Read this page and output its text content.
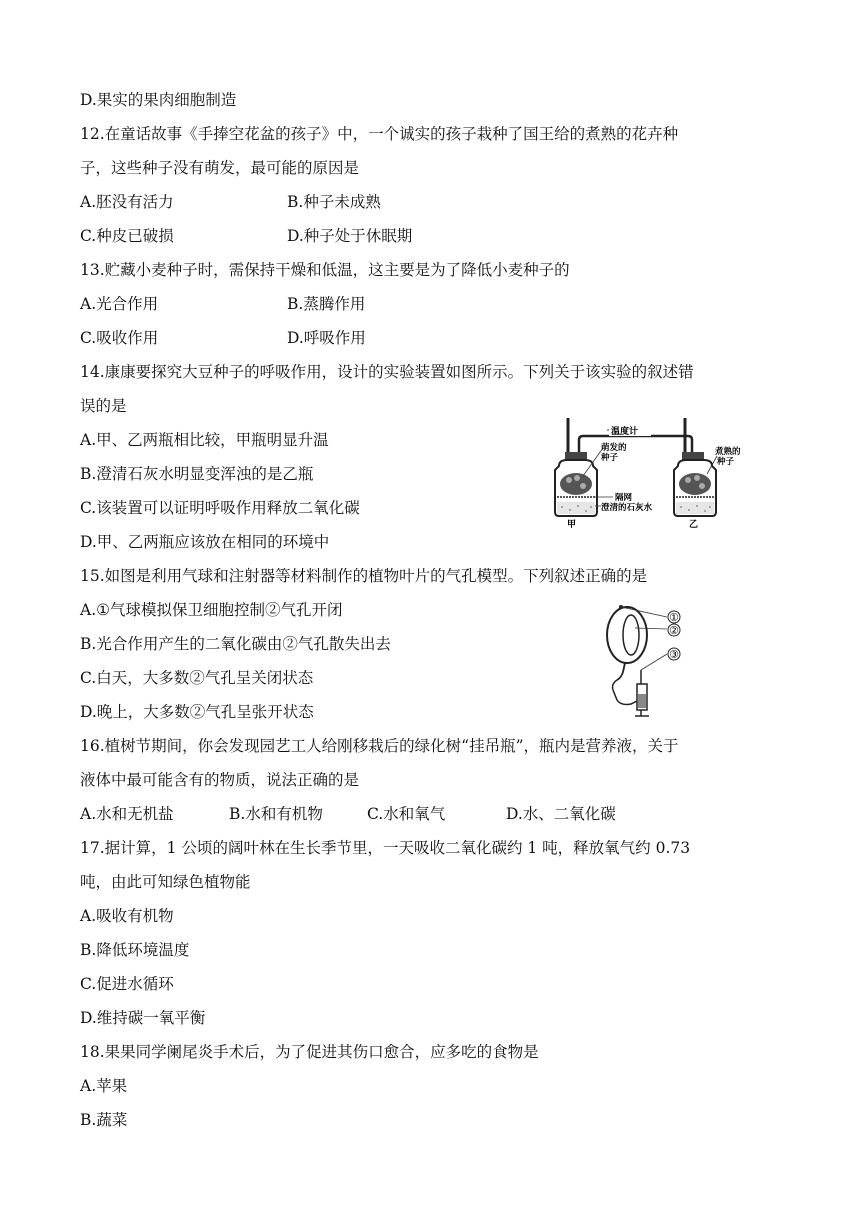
D.果实的果肉细胞制造
12.在童话故事《手捧空花盆的孩子》中，一个诚实的孩子栽种了国王给的煮熟的花卉种
子，这些种子没有萌发，最可能的原因是
A.胚没有活力	B.种子未成熟
C.种皮已破损	D.种子处于休眠期
13.贮藏小麦种子时，需保持干燥和低温，这主要是为了降低小麦种子的
A.光合作用	B.蒸腾作用
C.吸收作用	D.呼吸作用
14.康康要探究大豆种子的呼吸作用，设计的实验装置如图所示。下列关于该实验的叙述错
误的是
A.甲、乙两瓶相比较，甲瓶明显升温
B.澄清石灰水明显变浑浊的是乙瓶
C.该装置可以证明呼吸作用释放二氧化碳
D.甲、乙两瓶应该放在相同的环境中
温度计
萌发的
种子
煮熟的
种子
隔网
澄清的石灰水
甲	乙
15.如图是利用气球和注射器等材料制作的植物叶片的气孔模型。下列叙述正确的是
A.①气球模拟保卫细胞控制②气孔开闭
B.光合作用产生的二氧化碳由②气孔散失出去
C.白天，大多数②气孔呈关闭状态
D.晚上，大多数②气孔呈张开状态
①
②
③
16.植树节期间，你会发现园艺工人给刚移栽后的绿化树“挂吊瓶”，瓶内是营养液，关于
液体中最可能含有的物质，说法正确的是
A.水和无机盐	B.水和有机物	C.水和氧气	D.水、二氧化碳
17.据计算，1 公顷的阔叶林在生长季节里，一天吸收二氧化碳约 1 吨，释放氧气约 0.73
吨，由此可知绿色植物能
A.吸收有机物
B.降低环境温度
C.促进水循环
D.维持碳一氧平衡
18.果果同学阑尾炎手术后，为了促进其伤口愈合，应多吃的食物是
A.苹果
B.蔬菜
